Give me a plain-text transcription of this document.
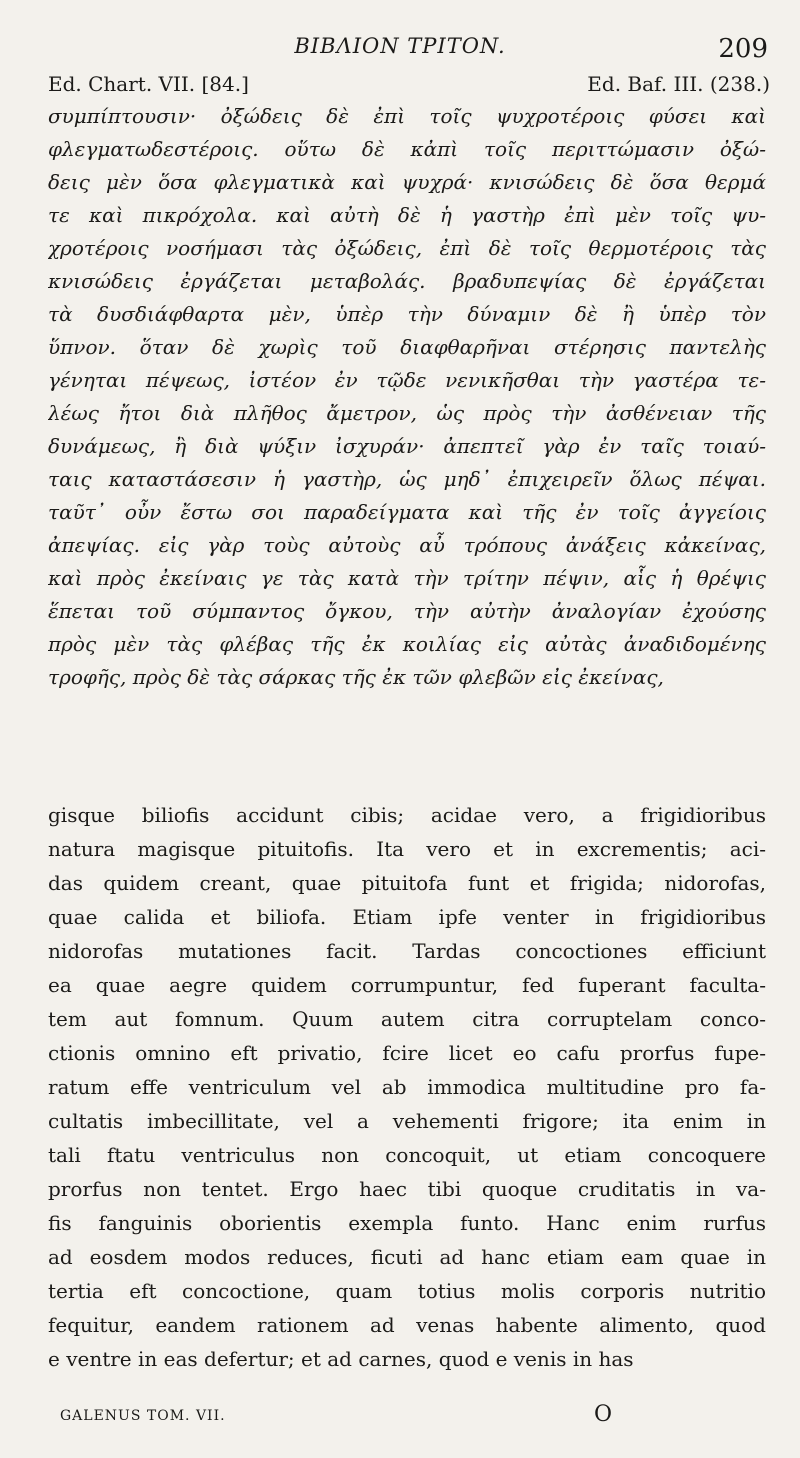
BIBΛION TPITON.	209
Ed. Chart. VII. [84.]	Ed. Baf. III. (238.)
συμπίπτουσιν· ὀξώδεις δὲ ἐπὶ τοῖς ψυχροτέροις φύσει καὶ
φλεγματωδεστέροις. οὕτω δὲ κἀπὶ τοῖς περιττώμασιν ὀξώ-
δεις μὲν ὅσα φλεγματικὰ καὶ ψυχρά· κνισώδεις δὲ ὅσα θερμά
τε καὶ πικρόχολα. καὶ αὐτὴ δὲ ἡ γαστὴρ ἐπὶ μὲν τοῖς ψυ-
χροτέροις νοσήμασι τὰς ὀξώδεις, ἐπὶ δὲ τοῖς θερμοτέροις τὰς
κνισώδεις ἐργάζεται μεταβολάς. βραδυπεψίας δὲ ἐργάζεται
τὰ δυσδιάφθαρτα μὲν, ὑπὲρ τὴν δύναμιν δὲ ἢ ὑπὲρ τὸν
ὕπνον. ὅταν δὲ χωρὶς τοῦ διαφθαρῆναι στέρησις παντελὴς
γένηται πέψεως, ἰστέον ἐν τῷδε νενικῆσθαι τὴν γαστέρα τε-
λέως ἤτοι διὰ πλῆθος ἄμετρον, ὡς πρὸς τὴν ἀσθένειαν τῆς
δυνάμεως, ἢ διὰ ψύξιν ἰσχυράν· ἀπεπτεῖ γὰρ ἐν ταῖς τοιαύ-
ταις καταστάσεσιν ἡ γαστὴρ, ὡς μηδ᾽ ἐπιχειρεῖν ὅλως πέψαι.
ταῦτ᾽ οὖν ἔστω σοι παραδείγματα καὶ τῆς ἐν τοῖς ἀγγείοις
ἀπεψίας. εἰς γὰρ τοὺς αὐτοὺς αὖ τρόπους ἀνάξεις κἀκείνας,
καὶ πρὸς ἐκείναις γε τὰς κατὰ τὴν τρίτην πέψιν, αἷς ἡ θρέψις
ἕπεται τοῦ σύμπαντος ὄγκου, τὴν αὐτὴν ἀναλογίαν ἐχούσης
πρὸς μὲν τὰς φλέβας τῆς ἐκ κοιλίας εἰς αὐτὰς ἀναδιδομένης
τροφῆς, πρὸς δὲ τὰς σάρκας τῆς ἐκ τῶν φλεβῶν εἰς ἐκείνας,
gisque biliofis accidunt cibis; acidae vero, a frigidioribus
natura magisque pituitofis. Ita vero et in excrementis; aci-
das quidem creant, quae pituitofa funt et frigida; nidorofas,
quae calida et biliofa. Etiam ipfe venter in frigidioribus
nidorofas mutationes facit. Tardas concoctiones efficiunt
ea quae aegre quidem corrumpuntur, fed fuperant faculta-
tem aut fomnum. Quum autem citra corruptelam conco-
ctionis omnino eft privatio, fcire licet eo cafu prorfus fupe-
ratum effe ventriculum vel ab immodica multitudine pro fa-
cultatis imbecillitate, vel a vehementi frigore; ita enim in
tali ftatu ventriculus non concoquit, ut etiam concoquere
prorfus non tentet. Ergo haec tibi quoque cruditatis in va-
fis fanguinis oborientis exempla funto. Hanc enim rurfus
ad eosdem modos reduces, ficuti ad hanc etiam eam quae in
tertia eft concoctione, quam totius molis corporis nutritio
fequitur, eandem rationem ad venas habente alimento, quod
e ventre in eas defertur; et ad carnes, quod e venis in has
GALENUS TOM. VII.	O
